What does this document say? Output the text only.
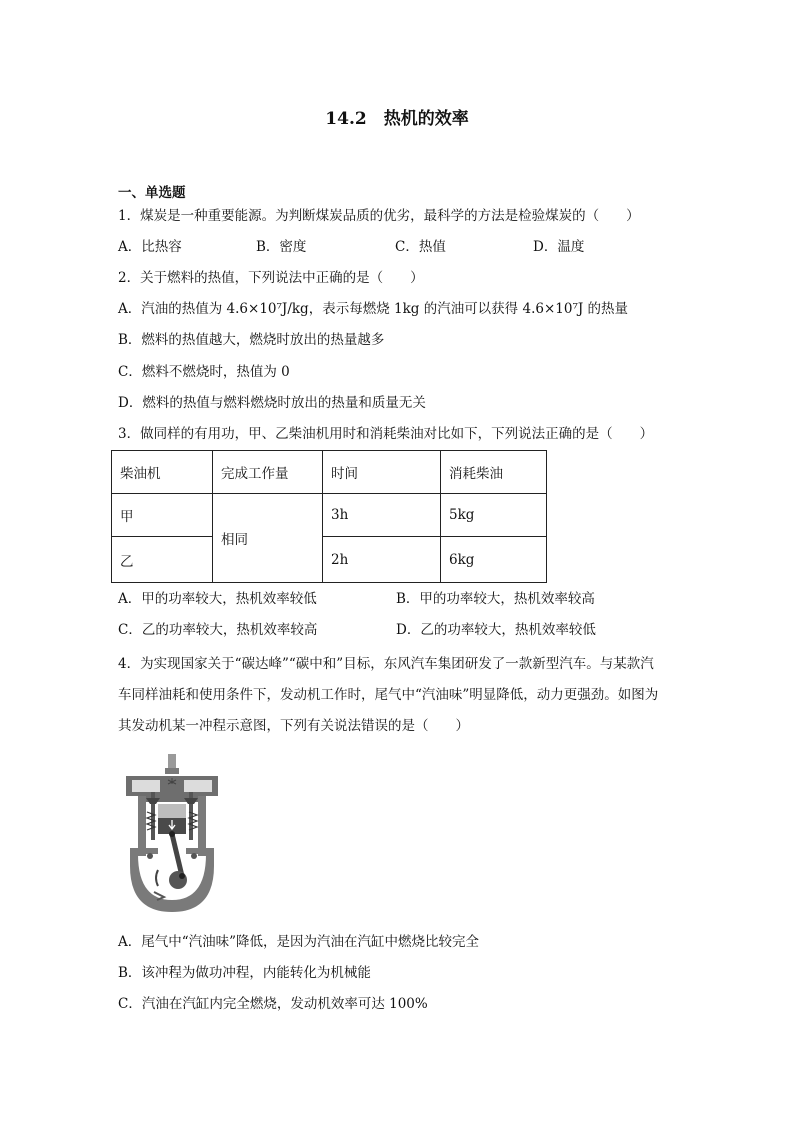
14.2　热机的效率
一、单选题
1．煤炭是一种重要能源。为判断煤炭品质的优劣，最科学的方法是检验煤炭的（　　）
A．比热容	B．密度	C．热值	D．温度
2．关于燃料的热值，下列说法中正确的是（　　）
A．汽油的热值为 4.6×10⁷J/kg，表示每燃烧 1kg 的汽油可以获得 4.6×10⁷J 的热量
B．燃料的热值越大，燃烧时放出的热量越多
C．燃料不燃烧时，热值为 0
D．燃料的热值与燃料燃烧时放出的热量和质量无关
3．做同样的有用功，甲、乙柴油机用时和消耗柴油对比如下，下列说法正确的是（　　）
柴油机	完成工作量	时间	消耗柴油
甲	相同	3h	5kg
乙		2h	6kg
A．甲的功率较大，热机效率较低	B．甲的功率较大，热机效率较高
C．乙的功率较大，热机效率较高	D．乙的功率较大，热机效率较低
4．为实现国家关于“碳达峰”“碳中和”目标，东风汽车集团研发了一款新型汽车。与某款汽
车同样油耗和使用条件下，发动机工作时，尾气中“汽油味”明显降低，动力更强劲。如图为
其发动机某一冲程示意图，下列有关说法错误的是（　　）
A．尾气中“汽油味”降低，是因为汽油在汽缸中燃烧比较完全
B．该冲程为做功冲程，内能转化为机械能
C．汽油在汽缸内完全燃烧，发动机效率可达 100%
